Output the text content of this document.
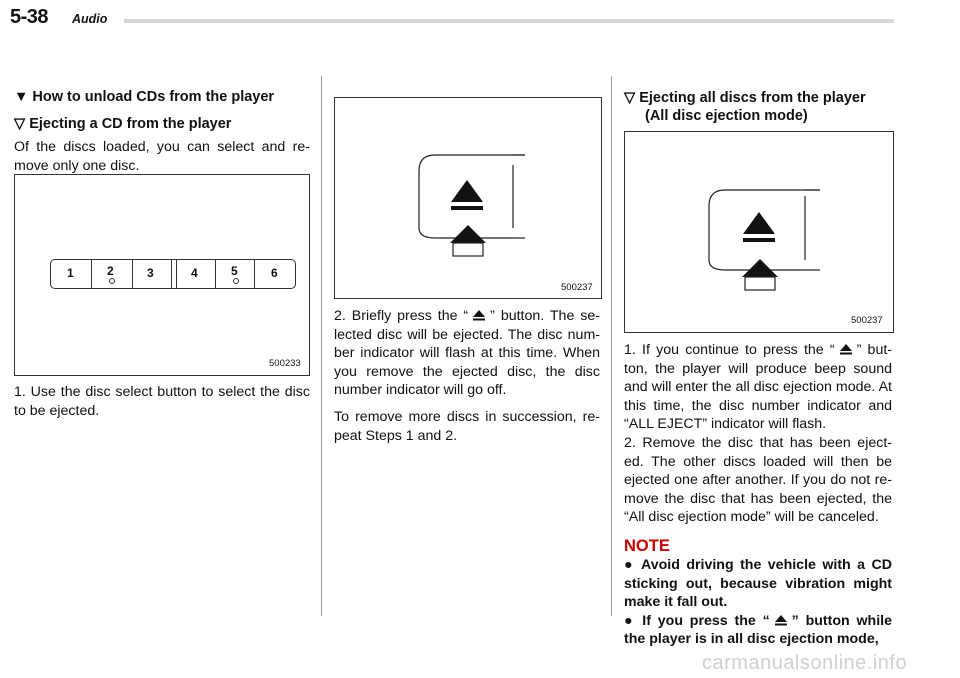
5-38 Audio

▼ How to unload CDs from the player

▽ Ejecting a CD from the player

Of the discs loaded, you can select and re-move only one disc.

1	2	3	4	5	6
500233

1. Use the disc select button to select the disc to be ejected.

500237

2. Briefly press the “ ” button. The se-lected disc will be ejected. The disc num-ber indicator will flash at this time. When you remove the ejected disc, the disc number indicator will go off.

To remove more discs in succession, re-peat Steps 1 and 2.

▽ Ejecting all discs from the player

(All disc ejection mode)

500237

1. If you continue to press the “ ” but-ton, the player will produce beep sound and will enter the all disc ejection mode. At this time, the disc number indicator and “ALL EJECT” indicator will flash.

2. Remove the disc that has been eject-ed. The other discs loaded will then be ejected one after another. If you do not re-move the disc that has been ejected, the “All disc ejection mode” will be canceled.

NOTE

● Avoid driving the vehicle with a CD sticking out, because vibration might make it fall out.

● If you press the “ ” button while the player is in all disc ejection mode,

carmanualsonline.info
